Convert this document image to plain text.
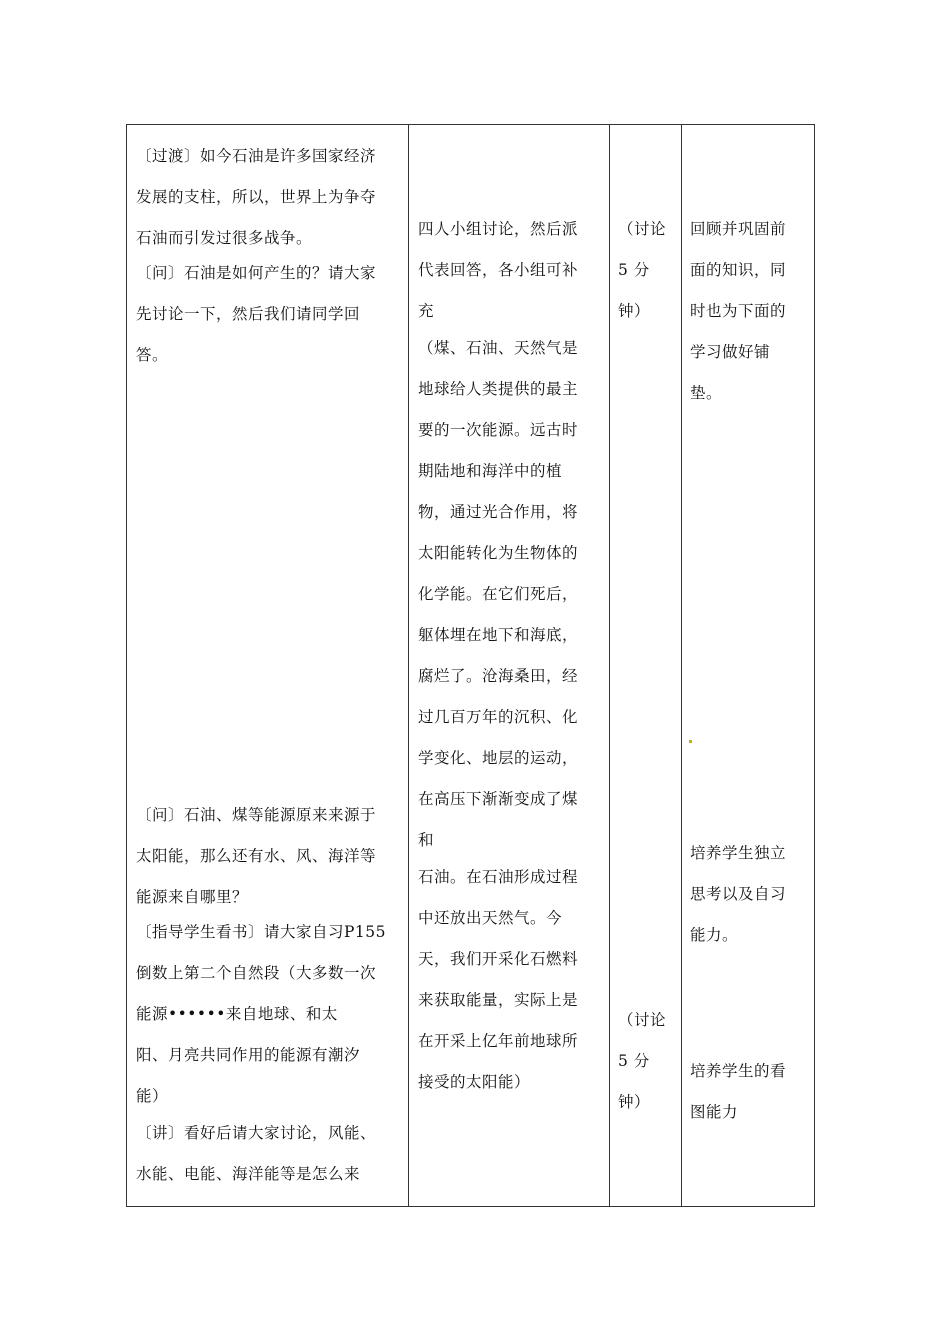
〔过渡〕如今石油是许多国家经济
发展的支柱，所以，世界上为争夺
石油而引发过很多战争。
〔问〕石油是如何产生的？请大家
先讨论一下，然后我们请同学回
答。
〔问〕石油、煤等能源原来来源于
太阳能，那么还有水、风、海洋等
能源来自哪里？
〔指导学生看书〕请大家自习P155
倒数上第二个自然段（大多数一次
能源••••••来自地球、和太
阳、月亮共同作用的能源有潮汐
能）
〔讲〕看好后请大家讨论，风能、
水能、电能、海洋能等是怎么来
四人小组讨论，然后派
代表回答，各小组可补
充
（煤、石油、天然气是
地球给人类提供的最主
要的一次能源。远古时
期陆地和海洋中的植
物，通过光合作用，将
太阳能转化为生物体的
化学能。在它们死后，
躯体埋在地下和海底，
腐烂了。沧海桑田，经
过几百万年的沉积、化
学变化、地层的运动，
在高压下渐渐变成了煤
和
石油。在石油形成过程
中还放出天然气。今
天，我们开采化石燃料
来获取能量，实际上是
在开采上亿年前地球所
接受的太阳能）
（讨论
5 分
钟）
（讨论
5 分
钟）
回顾并巩固前
面的知识，同
时也为下面的
学习做好铺
垫。
培养学生独立
思考以及自习
能力。
培养学生的看
图能力
